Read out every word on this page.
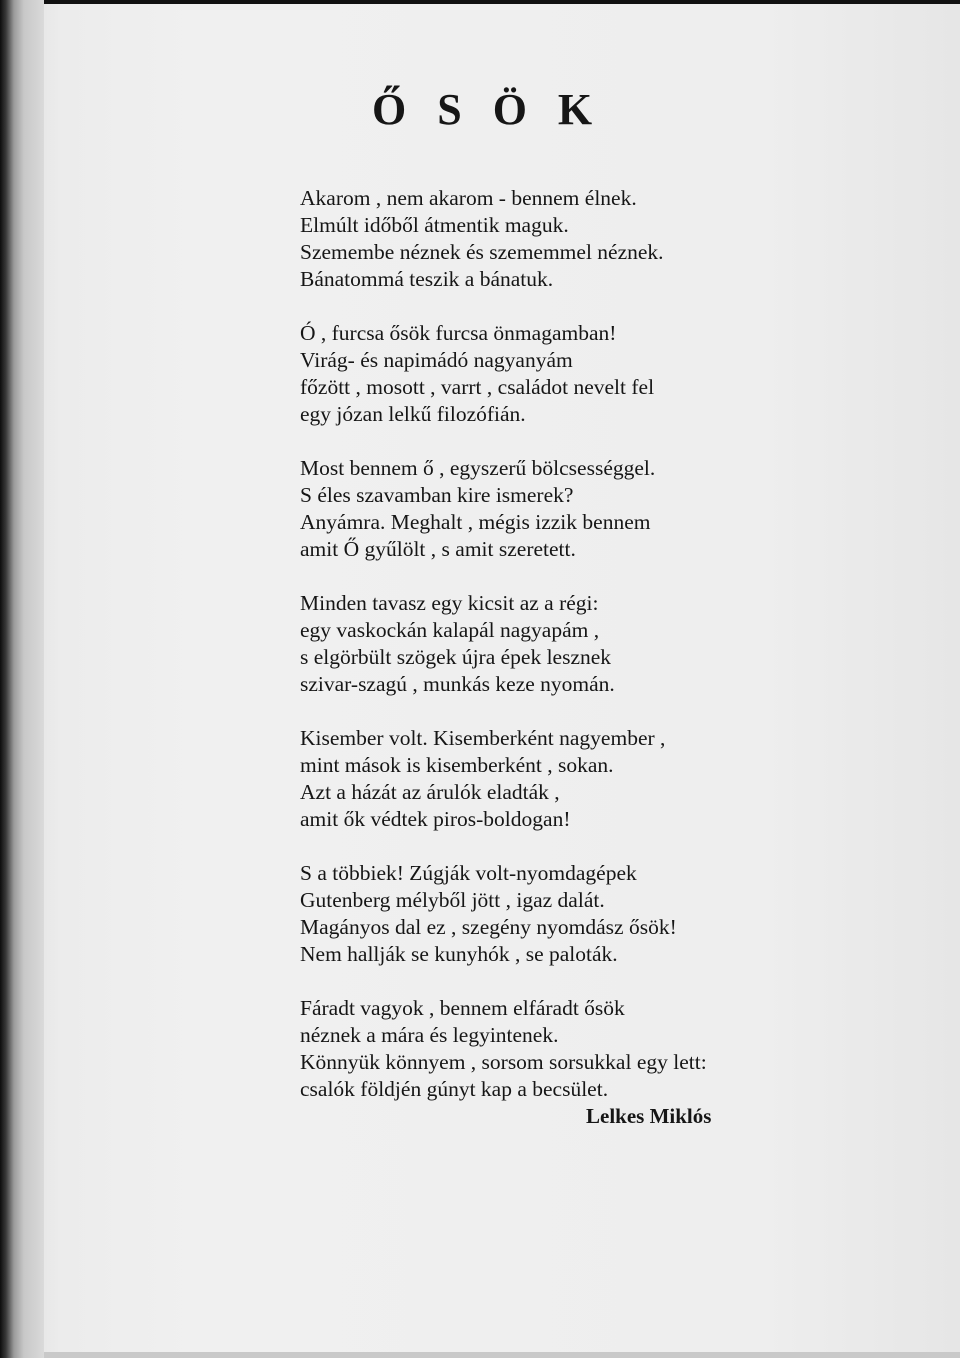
Ő S Ö K
Akarom , nem akarom - bennem élnek.
Elmúlt időből átmentik maguk.
Szemembe néznek és szememmel néznek.
Bánatommá teszik a bánatuk.
Ó , furcsa ősök furcsa önmagamban!
Virág- és napimádó nagyanyám
főzött , mosott , varrt , családot nevelt fel
egy józan lelkű filozófián.
Most bennem ő , egyszerű bölcsességgel.
S éles szavamban kire ismerek?
Anyámra. Meghalt , mégis izzik bennem
amit Ő gyűlölt , s amit szeretett.
Minden tavasz egy kicsit az a régi:
egy vaskockán kalapál nagyapám ,
s elgörbült szögek újra épek lesznek
szivar-szagú , munkás keze nyomán.
Kisember volt. Kisemberként nagyember ,
mint mások is kisemberként , sokan.
Azt a házát az árulók eladták ,
amit ők védtek piros-boldogan!
S a többiek! Zúgják volt-nyomdagépek
Gutenberg mélyből jött , igaz dalát.
Magányos dal ez , szegény nyomdász ősök!
Nem hallják se kunyhók , se paloták.
Fáradt vagyok , bennem elfáradt ősök
néznek a mára és legyintenek.
Könnyük könnyem , sorsom sorsukkal egy lett:
csalók földjén gúnyt kap a becsület.
Lelkes Miklós
